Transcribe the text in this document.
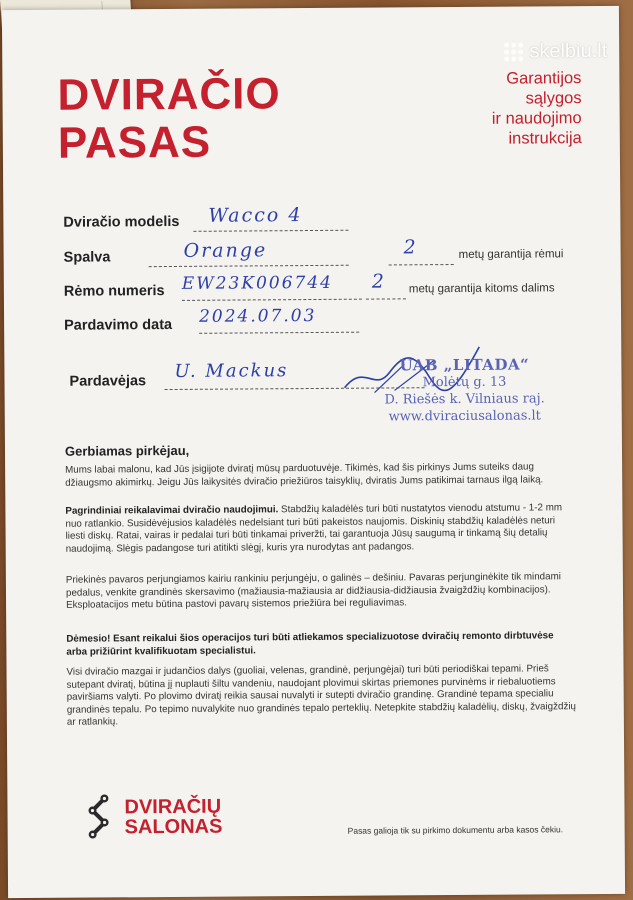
DVIRAČIO
PASAS
Garantijos
sąlygos
ir naudojimo
instrukcija
skelbiu.lt
Dviračio modelis Wacco 4
Spalva	Orange	2	metų garantija rėmui
Rėmo numeris EW23K006744 2 metų garantija kitoms dalims
Pardavimo data 2024.07.03
Pardavėjas U. Mackus	UAB „LITADA“
Molėtų g. 13
D. Riešės k. Vilniaus raj.
www.dviraciusalonas.lt
Gerbiamas pirkėjau,
Mums labai malonu, kad Jūs įsigijote dviratį mūsų parduotuvėje. Tikimės, kad šis pirkinys Jums suteiks daug džiaugsmo akimirkų. Jeigu Jūs laikysitės dviračio priežiūros taisyklių, dviratis Jums patikimai tarnaus ilgą laiką.
Pagrindiniai reikalavimai dviračio naudojimui. Stabdžių kaladėlės turi būti nustatytos vienodu atstumu - 1-2 mm nuo ratlankio. Susidėvėjusios kaladėlės nedelsiant turi būti pakeistos naujomis. Diskinių stabdžių kaladėlės neturi liesti diskų. Ratai, vairas ir pedalai turi būti tinkamai priveržti, tai garantuoja Jūsų saugumą ir tinkamą šių detalių naudojimą. Slėgis padangose turi atitikti slėgį, kuris yra nurodytas ant padangos.
Priekinės pavaros perjungiamos kairiu rankiniu perjungėju, o galinės – dešiniu. Pavaras perjunginėkite tik mindami pedalus, venkite grandinės skersavimo (mažiausia-mažiausia ar didžiausia-didžiausia žvaigždžių kombinacijos). Eksploatacijos metu būtina pastovi pavarų sistemos priežiūra bei reguliavimas.
Dėmesio! Esant reikalui šios operacijos turi būti atliekamos specializuotose dviračių remonto dirbtuvėse arba prižiūrint kvalifikuotam specialistui.
Visi dviračio mazgai ir judančios dalys (guoliai, velenas, grandinė, perjungėjai) turi būti periodiškai tepami. Prieš sutepant dviratį, būtina jį nuplauti šiltu vandeniu, naudojant plovimui skirtas priemones purvinėms ir riebaluotiems paviršiams valyti. Po plovimo dviratį reikia sausai nuvalyti ir sutepti dviračio grandinę. Grandinė tepama specialiu grandinės tepalu. Po tepimo nuvalykite nuo grandinės tepalo perteklių. Netepkite stabdžių kaladėlių, diskų, žvaigždžių ar ratlankių.
DVIRAČIŲ
SALONAS	Pasas galioja tik su pirkimo dokumentu arba kasos čekiu.
